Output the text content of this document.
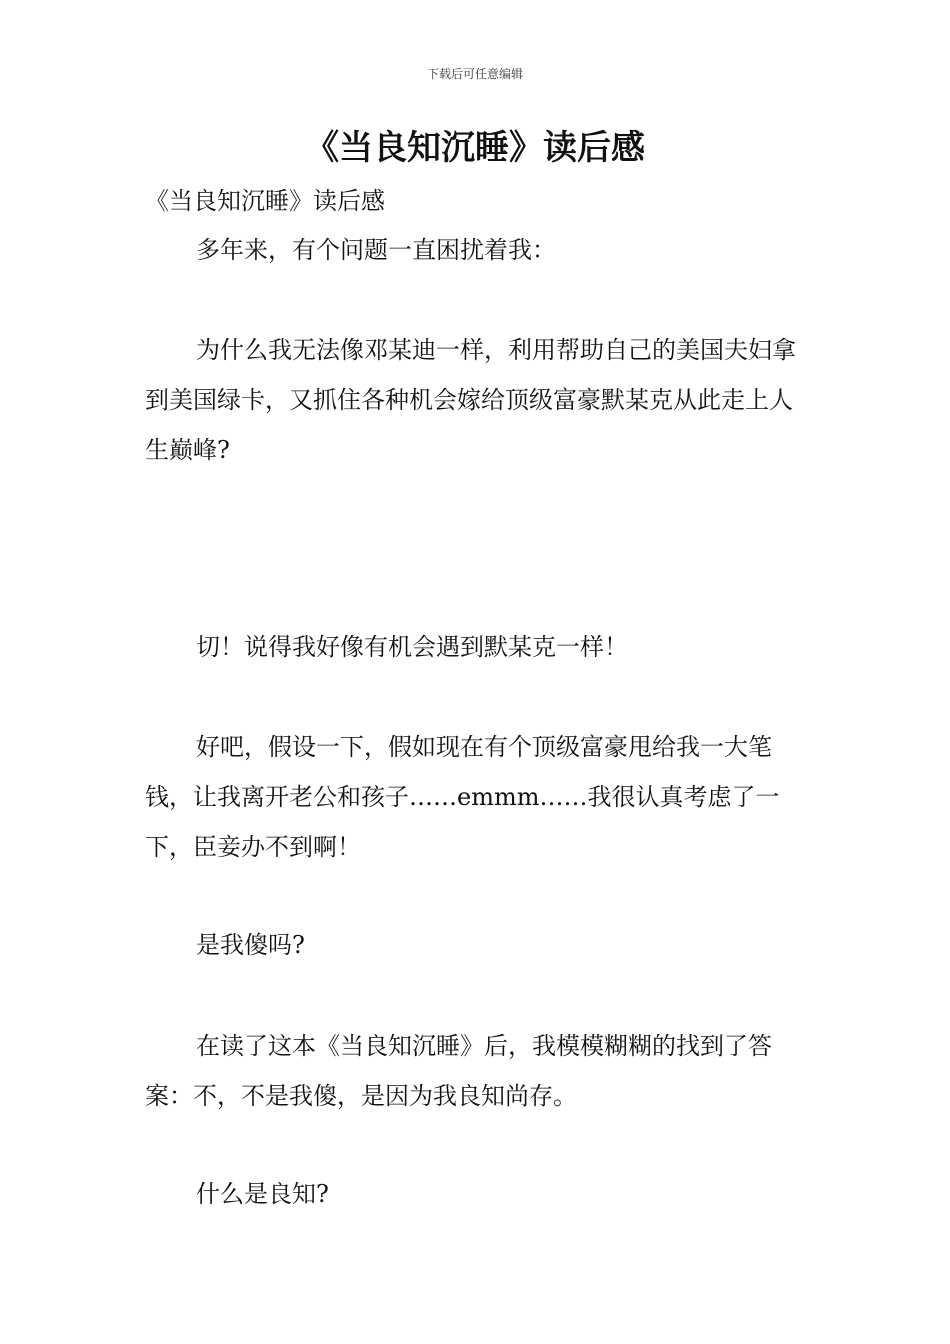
下载后可任意编辑
《当良知沉睡》读后感

《当良知沉睡》读后感

多年来，有个问题一直困扰着我：

为什么我无法像邓某迪一样，利用帮助自己的美国夫妇拿到美国绿卡，又抓住各种机会嫁给顶级富豪默某克从此走上人生巅峰?

切！说得我好像有机会遇到默某克一样！

好吧，假设一下，假如现在有个顶级富豪甩给我一大笔钱，让我离开老公和孩子……emmm……我很认真考虑了一下，臣妾办不到啊！

是我傻吗?

在读了这本《当良知沉睡》后，我模模糊糊的找到了答案：不，不是我傻，是因为我良知尚存。

什么是良知?
